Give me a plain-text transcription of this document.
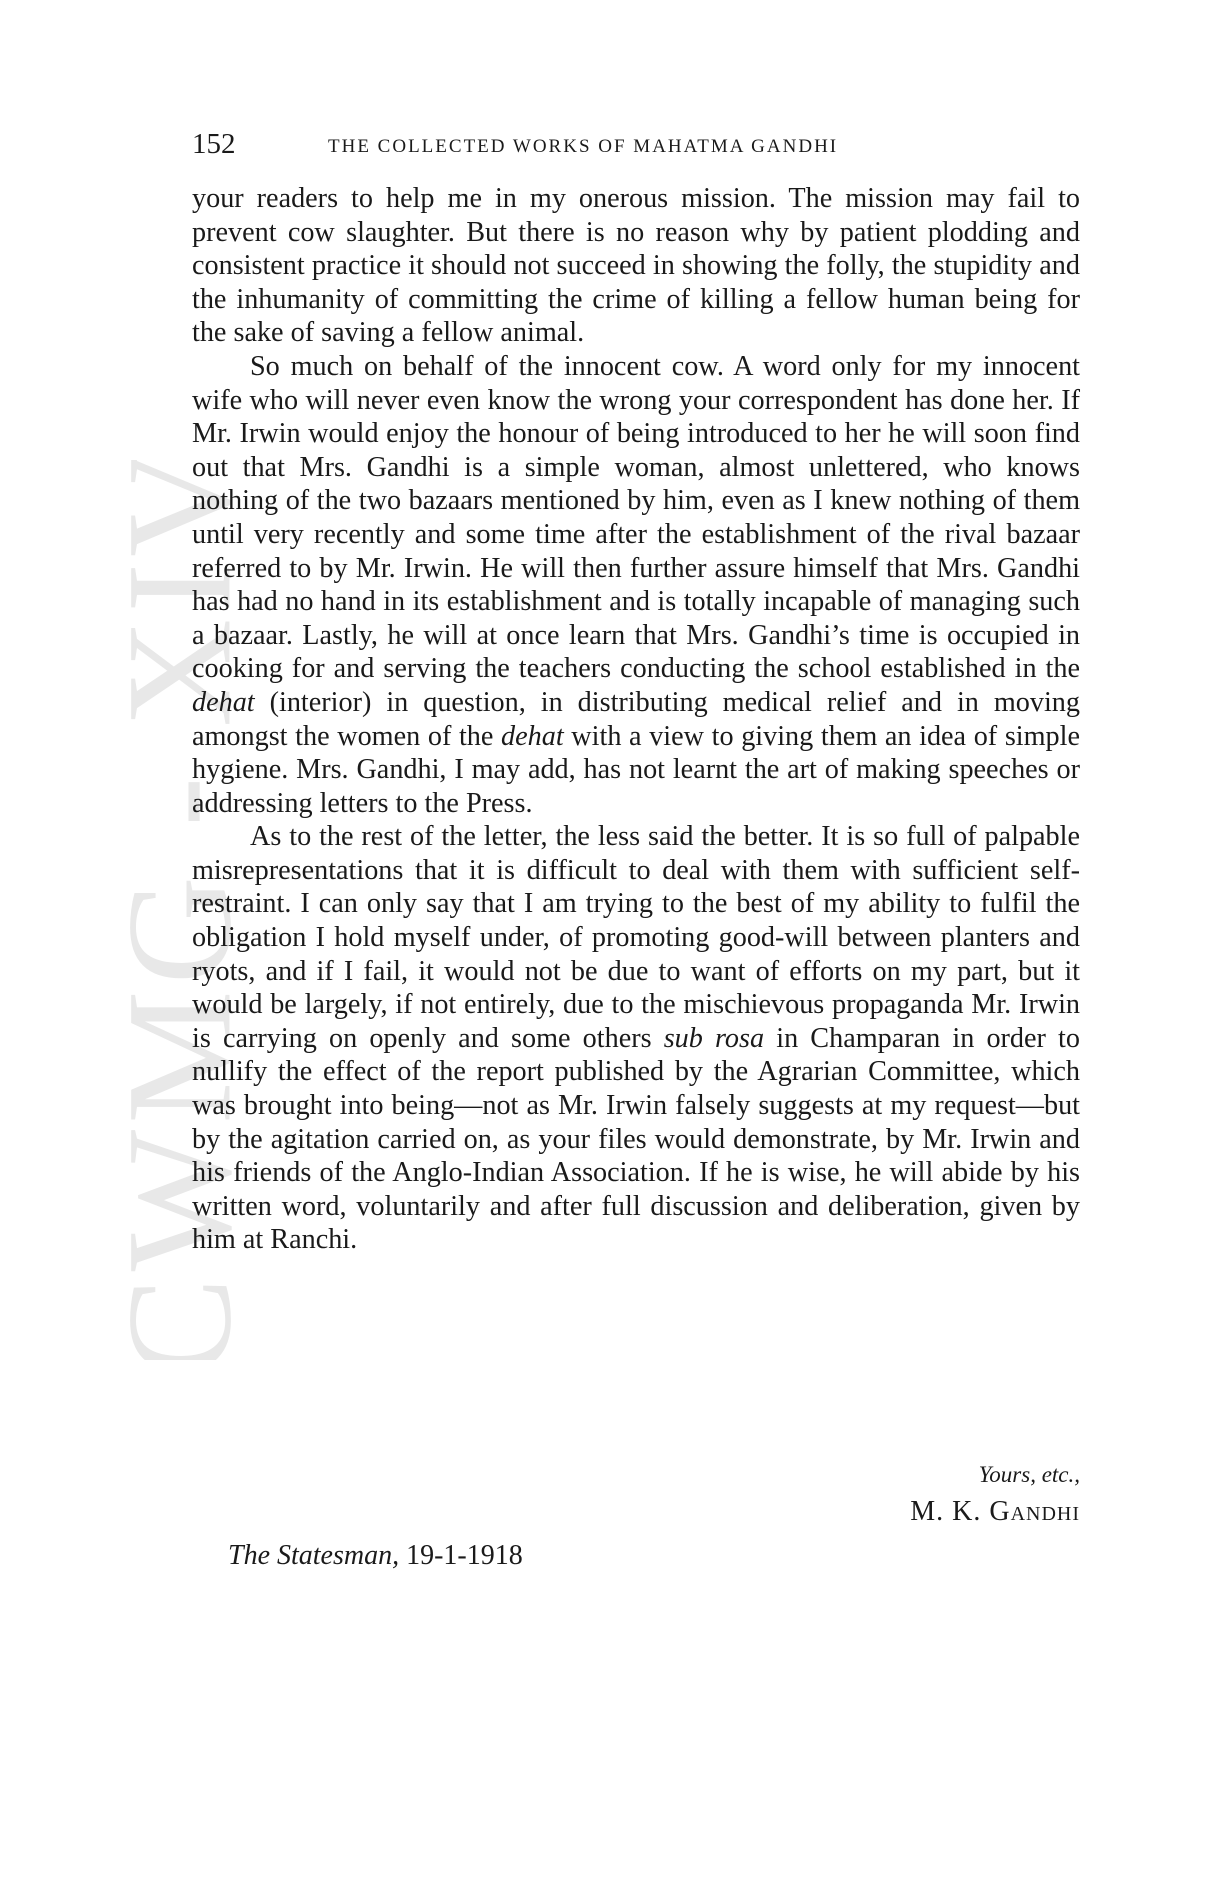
CWMG XIV
152	THE COLLECTED WORKS OF MAHATMA GANDHI

your readers to help me in my onerous mission. The mission may fail to prevent cow slaughter. But there is no reason why by patient plodding and consistent practice it should not succeed in showing the folly, the stupidity and the inhumanity of committing the crime of killing a fellow human being for the sake of saving a fellow animal.

So much on behalf of the innocent cow. A word only for my innocent wife who will never even know the wrong your correspondent has done her. If Mr. Irwin would enjoy the honour of being introduced to her he will soon find out that Mrs. Gandhi is a simple woman, almost unlettered, who knows nothing of the two bazaars mentioned by him, even as I knew nothing of them until very recently and some time after the establishment of the rival bazaar referred to by Mr. Irwin. He will then further assure himself that Mrs. Gandhi has had no hand in its establishment and is totally incapable of managing such a bazaar. Lastly, he will at once learn that Mrs. Gandhi’s time is occupied in cooking for and serving the teachers conducting the school established in the dehat (interior) in question, in distributing medical relief and in moving amongst the women of the dehat with a view to giving them an idea of simple hygiene. Mrs. Gandhi, I may add, has not learnt the art of making speeches or addressing letters to the Press.

As to the rest of the letter, the less said the better. It is so full of palpable misrepresentations that it is difficult to deal with them with sufficient self-restraint. I can only say that I am trying to the best of my ability to fulfil the obligation I hold myself under, of promoting good-will between planters and ryots, and if I fail, it would not be due to want of efforts on my part, but it would be largely, if not entirely, due to the mischievous propaganda Mr. Irwin is carrying on openly and some others sub rosa in Champaran in order to nullify the effect of the report published by the Agrarian Committee, which was brought into being—not as Mr. Irwin falsely suggests at my request—but by the agitation carried on, as your files would demonstrate, by Mr. Irwin and his friends of the Anglo-Indian Association. If he is wise, he will abide by his written word, voluntarily and after full discussion and deliberation, given by him at Ranchi.

Yours, etc.,
M. K. GANDHI
The Statesman, 19-1-1918
